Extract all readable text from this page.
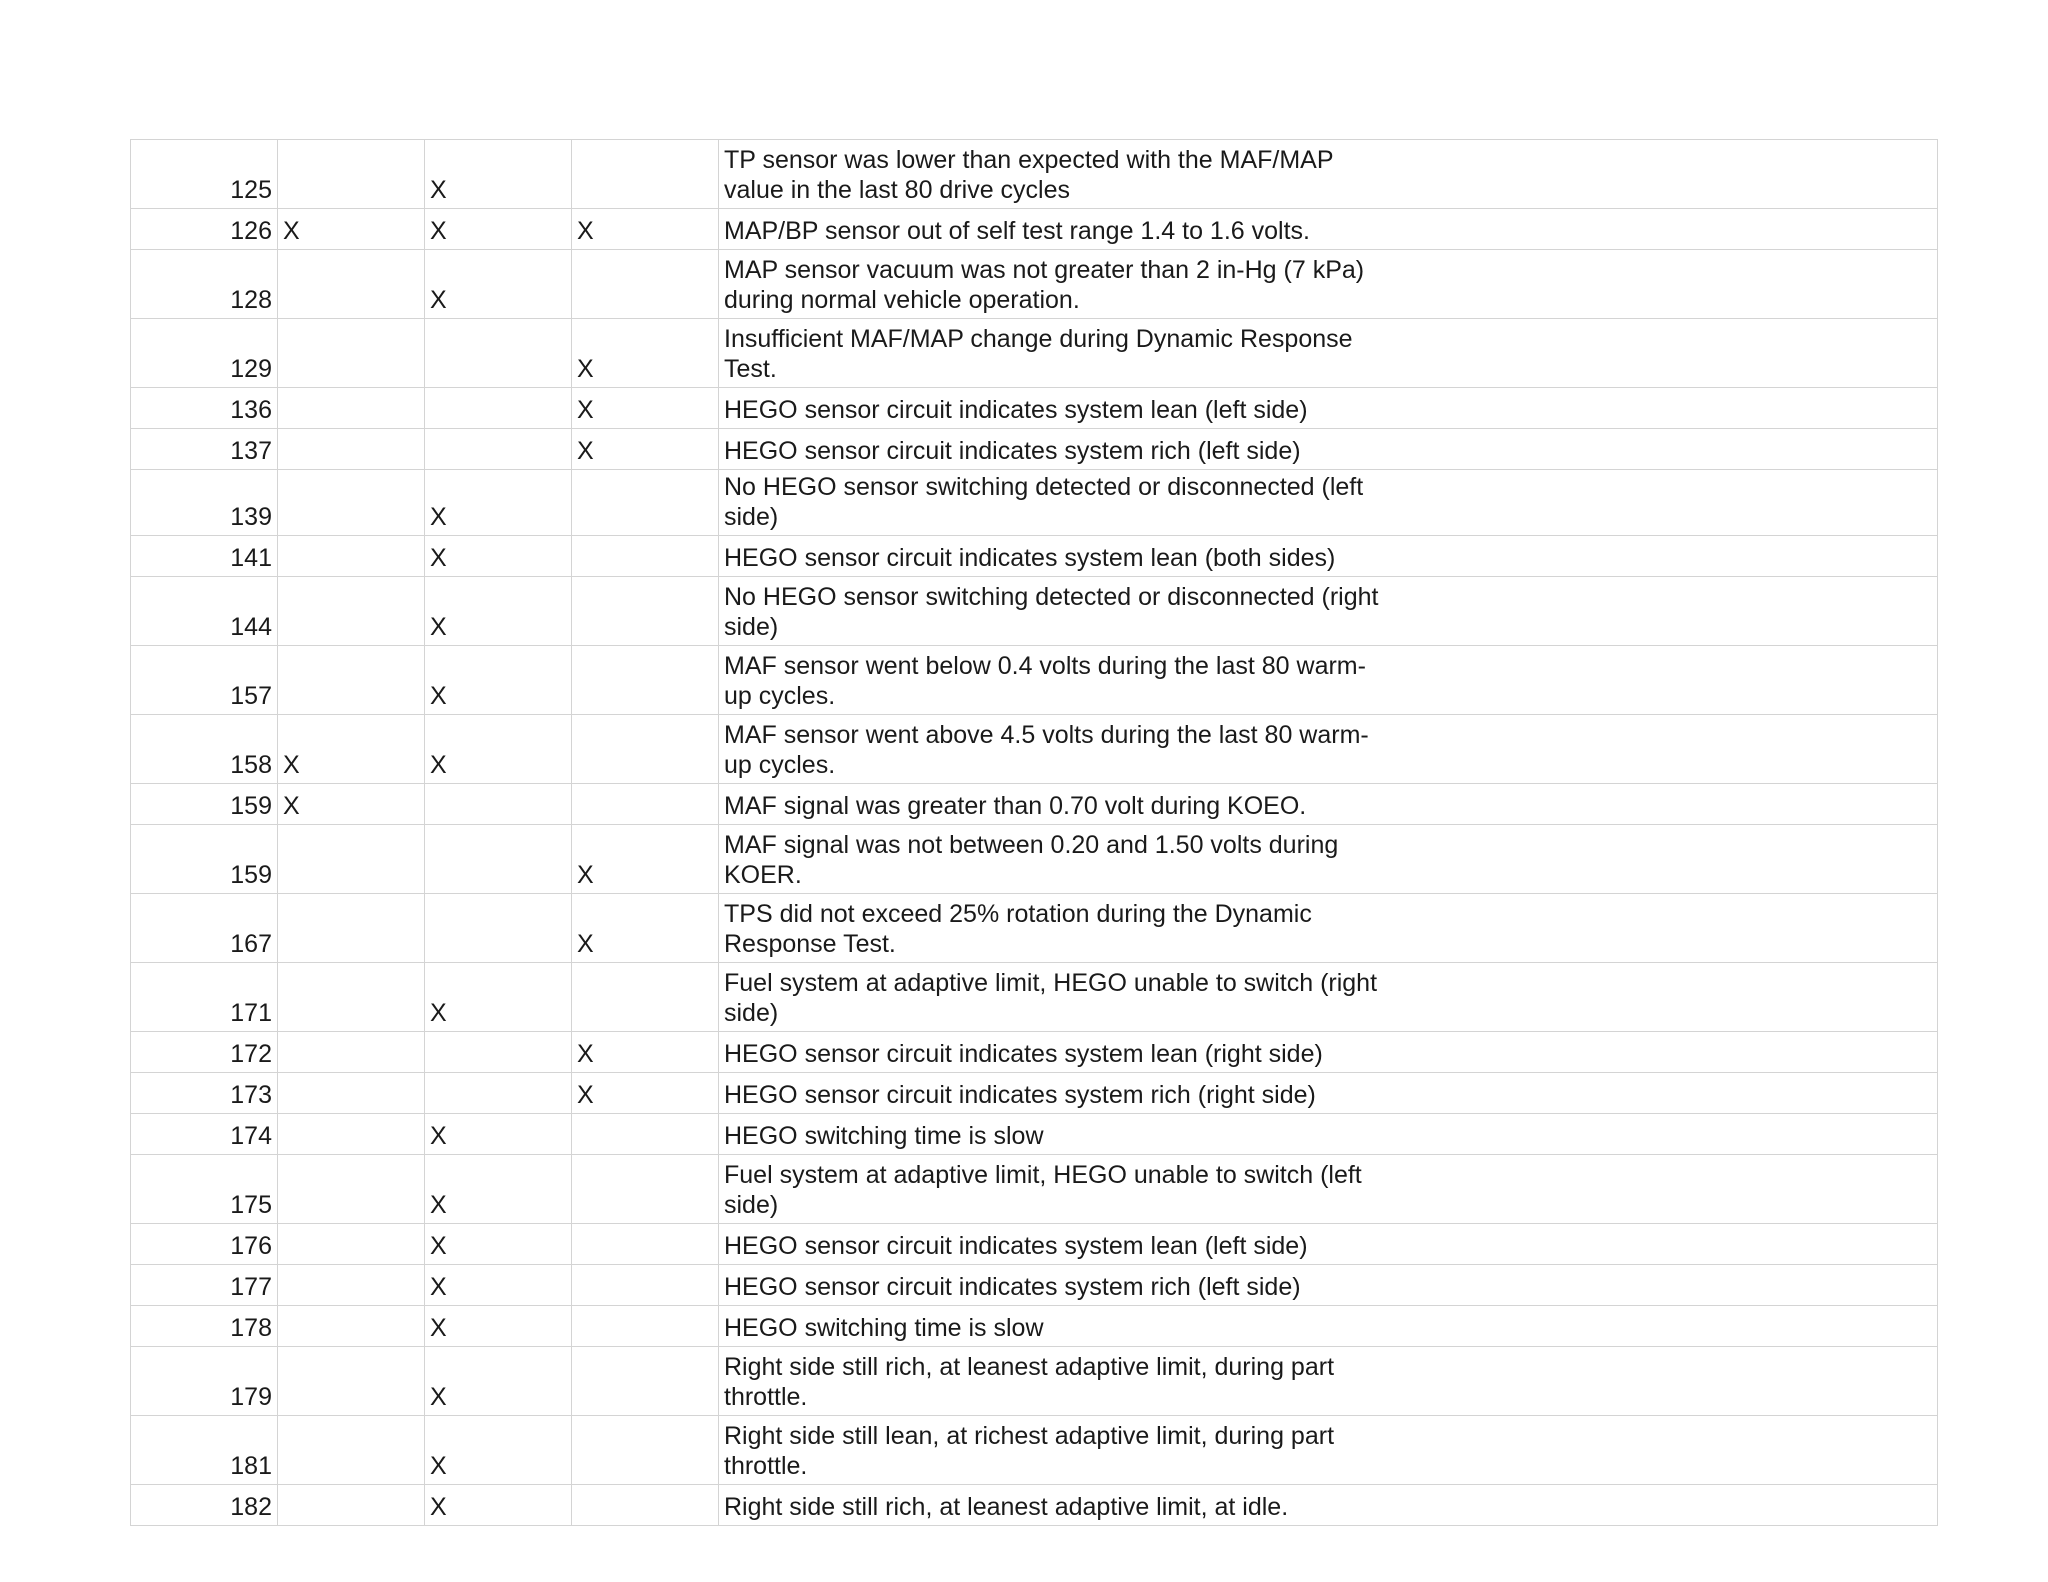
125		X		TP sensor was lower than expected with the MAF/MAP value in the last 80 drive cycles

126	X	X	X	MAP/BP sensor out of self test range 1.4 to 1.6 volts.

128		X		MAP sensor vacuum was not greater than 2 in-Hg (7 kPa) during normal vehicle operation.

129			X	Insufficient MAF/MAP change during Dynamic Response Test.

136			X	HEGO sensor circuit indicates system lean (left side)

137			X	HEGO sensor circuit indicates system rich (left side)

139		X		No HEGO sensor switching detected or disconnected (left side)

141		X		HEGO sensor circuit indicates system lean (both sides)

144		X		No HEGO sensor switching detected or disconnected (right side)

157		X		MAF sensor went below 0.4 volts during the last 80 warm-up cycles.

158	X	X		MAF sensor went above 4.5 volts during the last 80 warm-up cycles.

159	X			MAF signal was greater than 0.70 volt during KOEO.

159			X	MAF signal was not between 0.20 and 1.50 volts during KOER.

167			X	TPS did not exceed 25% rotation during the Dynamic Response Test.

171		X		Fuel system at adaptive limit, HEGO unable to switch (right side)

172			X	HEGO sensor circuit indicates system lean (right side)

173			X	HEGO sensor circuit indicates system rich (right side)

174		X		HEGO switching time is slow

175		X		Fuel system at adaptive limit, HEGO unable to switch (left side)

176		X		HEGO sensor circuit indicates system lean (left side)

177		X		HEGO sensor circuit indicates system rich (left side)

178		X		HEGO switching time is slow

179		X		Right side still rich, at leanest adaptive limit, during part throttle.

181		X		Right side still lean, at richest adaptive limit, during part throttle.

182		X		Right side still rich, at leanest adaptive limit, at idle.
